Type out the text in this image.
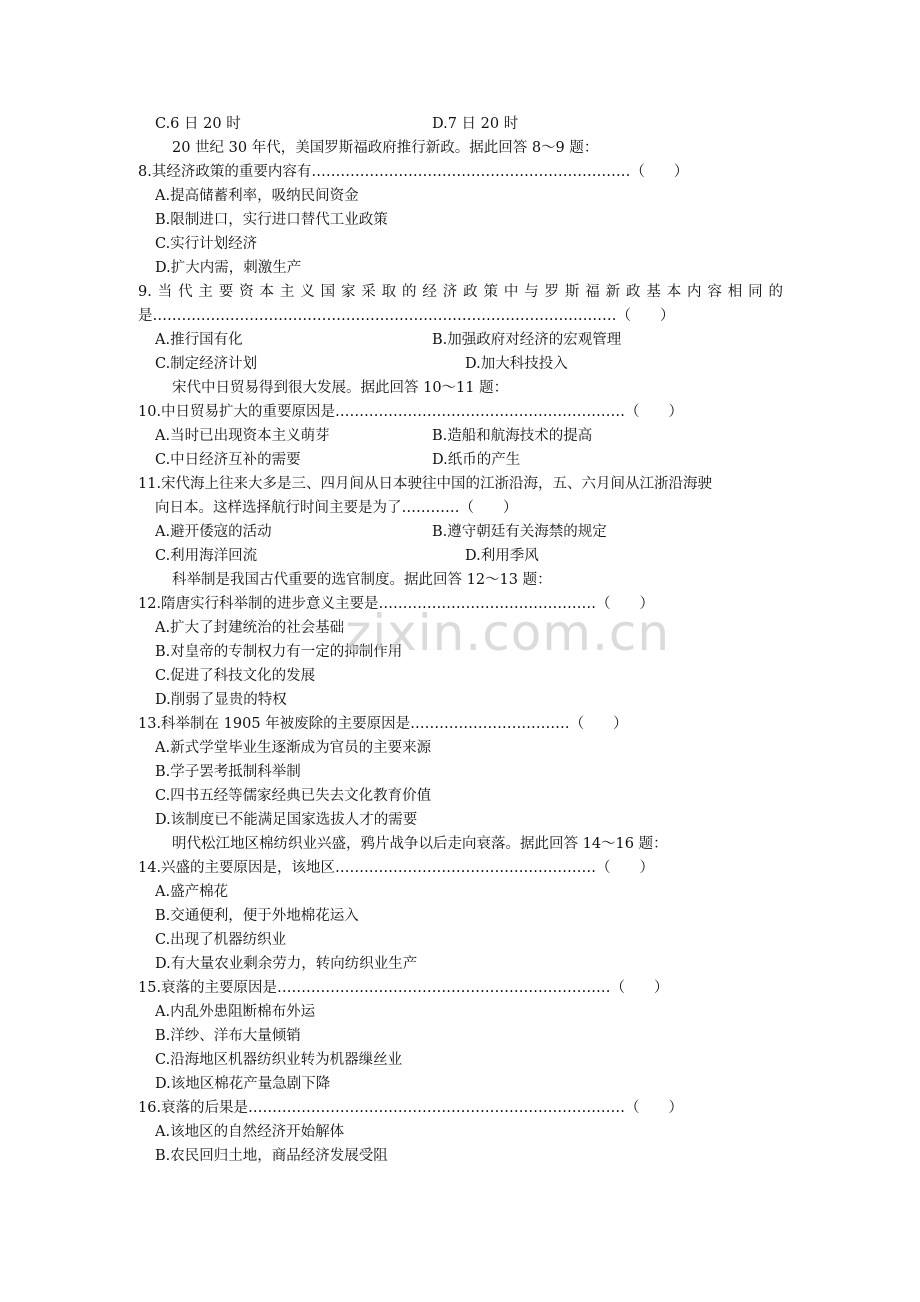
C.6 日 20 时	D.7 日 20 时
20 世纪 30 年代，美国罗斯福政府推行新政。据此回答 8～9 题：
8.其经济政策的重要内容有…………………………………………………………（　　）
A.提高储蓄利率，吸纳民间资金
B.限制进口，实行进口替代工业政策
C.实行计划经济
D.扩大内需，刺激生产
是……………………………………………………………………………………（　　）
A.推行国有化	B.加强政府对经济的宏观管理
C.制定经济计划	D.加大科技投入
宋代中日贸易得到很大发展。据此回答 10～11 题：
10.中日贸易扩大的重要原因是……………………………………………………（　　）
A.当时已出现资本主义萌芽	B.造船和航海技术的提高
C.中日经济互补的需要	D.纸币的产生
11.宋代海上往来大多是三、四月间从日本驶往中国的江浙沿海，五、六月间从江浙沿海驶
向日本。这样选择航行时间主要是为了…………（　　）
A.避开倭寇的活动	B.遵守朝廷有关海禁的规定
C.利用海洋回流	D.利用季风
科举制是我国古代重要的选官制度。据此回答 12～13 题：
12.隋唐实行科举制的进步意义主要是………………………………………（　　）
A.扩大了封建统治的社会基础
B.对皇帝的专制权力有一定的抑制作用
C.促进了科技文化的发展
D.削弱了显贵的特权
13.科举制在 1905 年被废除的主要原因是……………………………（　　）
A.新式学堂毕业生逐渐成为官员的主要来源
B.学子罢考抵制科举制
C.四书五经等儒家经典已失去文化教育价值
D.该制度已不能满足国家选拔人才的需要
明代松江地区棉纺织业兴盛，鸦片战争以后走向衰落。据此回答 14～16 题：
14.兴盛的主要原因是，该地区………………………………………………（　　）
A.盛产棉花
B.交通便利，便于外地棉花运入
C.出现了机器纺织业
D.有大量农业剩余劳力，转向纺织业生产
15.衰落的主要原因是……………………………………………………………（　　）
A.内乱外患阻断棉布外运
B.洋纱、洋布大量倾销
C.沿海地区机器纺织业转为机器缫丝业
D.该地区棉花产量急剧下降
16.衰落的后果是……………………………………………………………………（　　）
A.该地区的自然经济开始解体
B.农民回归土地，商品经济发展受阻
9. 当 代 主 要 资 本 主 义 国 家 采 取 的 经 济 政 策 中 与 罗 斯 福 新 政 基 本 内 容 相 同 的
zixin.com.cn
